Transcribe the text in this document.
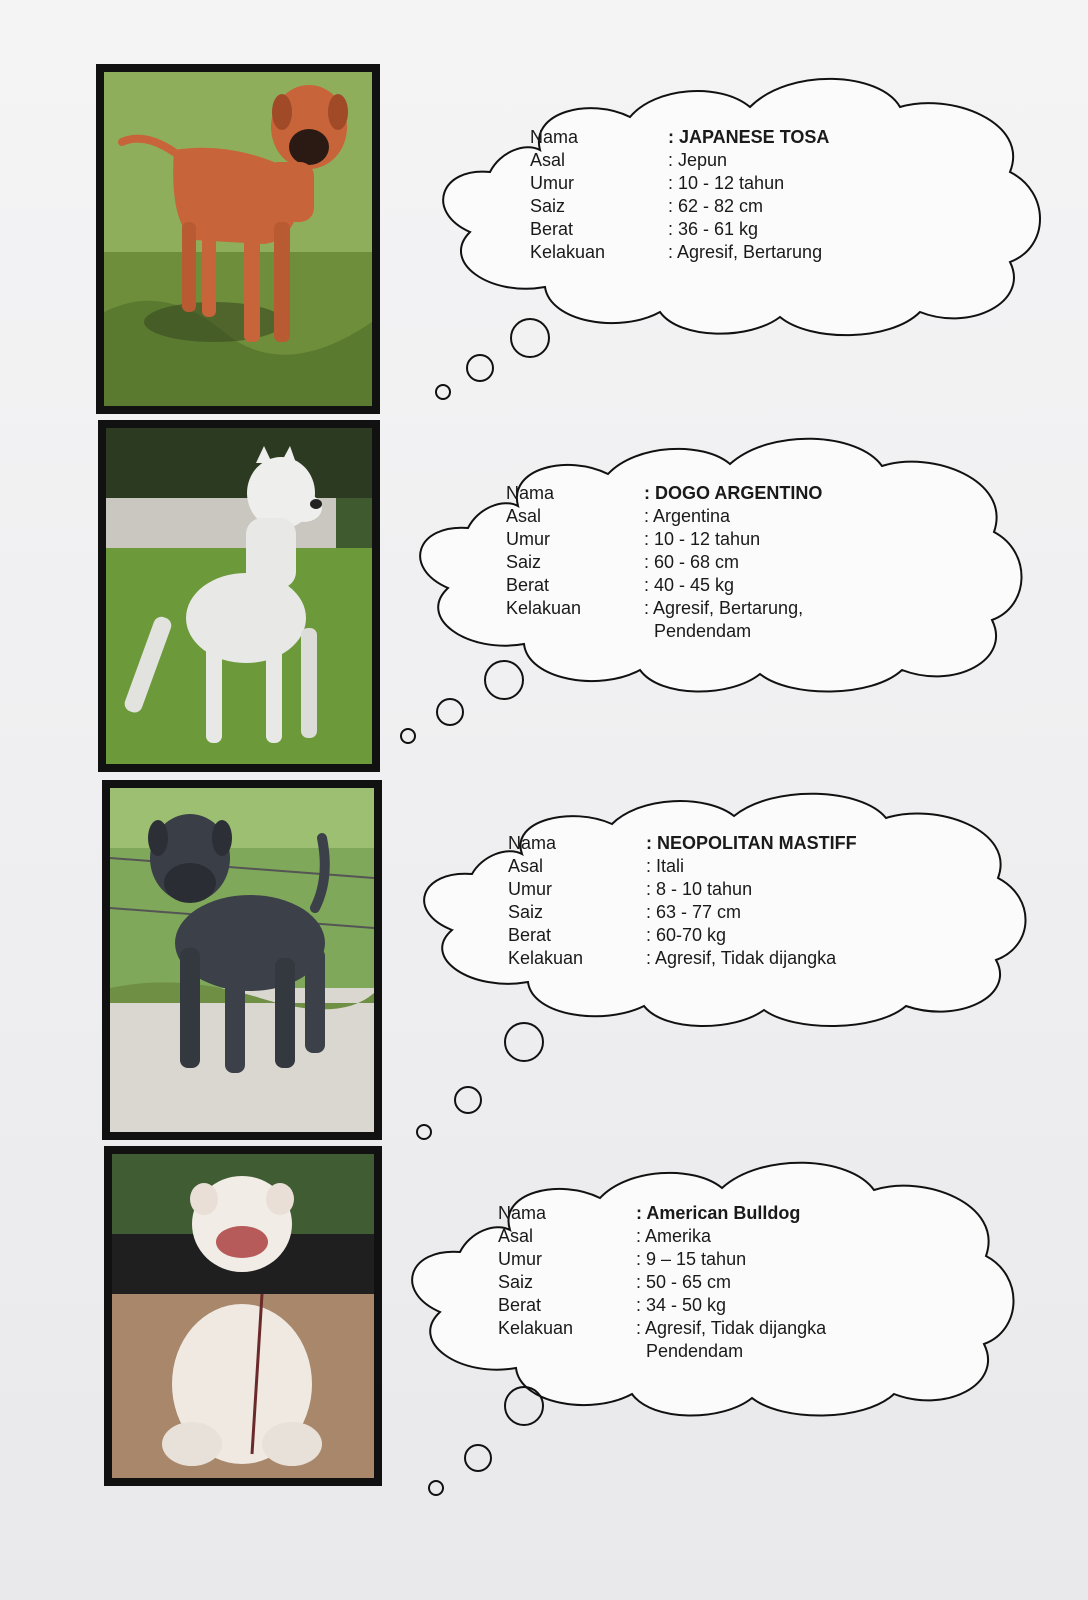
Nama	: JAPANESE TOSA
Asal	: Jepun
Umur	: 10 - 12 tahun
Saiz	: 62 - 82 cm
Berat	: 36 - 61 kg
Kelakuan	: Agresif, Bertarung
Nama	: DOGO ARGENTINO
Asal	: Argentina
Umur	: 10 - 12 tahun
Saiz	: 60 - 68 cm
Berat	: 40 - 45 kg
Kelakuan	: Agresif, Bertarung,
Pendendam
Nama	: NEOPOLITAN MASTIFF
Asal	: Itali
Umur	: 8 - 10 tahun
Saiz	: 63 - 77 cm
Berat	: 60-70 kg
Kelakuan	: Agresif, Tidak dijangka
Nama	: American Bulldog
Asal	: Amerika
Umur	: 9 – 15 tahun
Saiz	: 50 - 65 cm
Berat	: 34 - 50 kg
Kelakuan	: Agresif, Tidak dijangka
Pendendam
